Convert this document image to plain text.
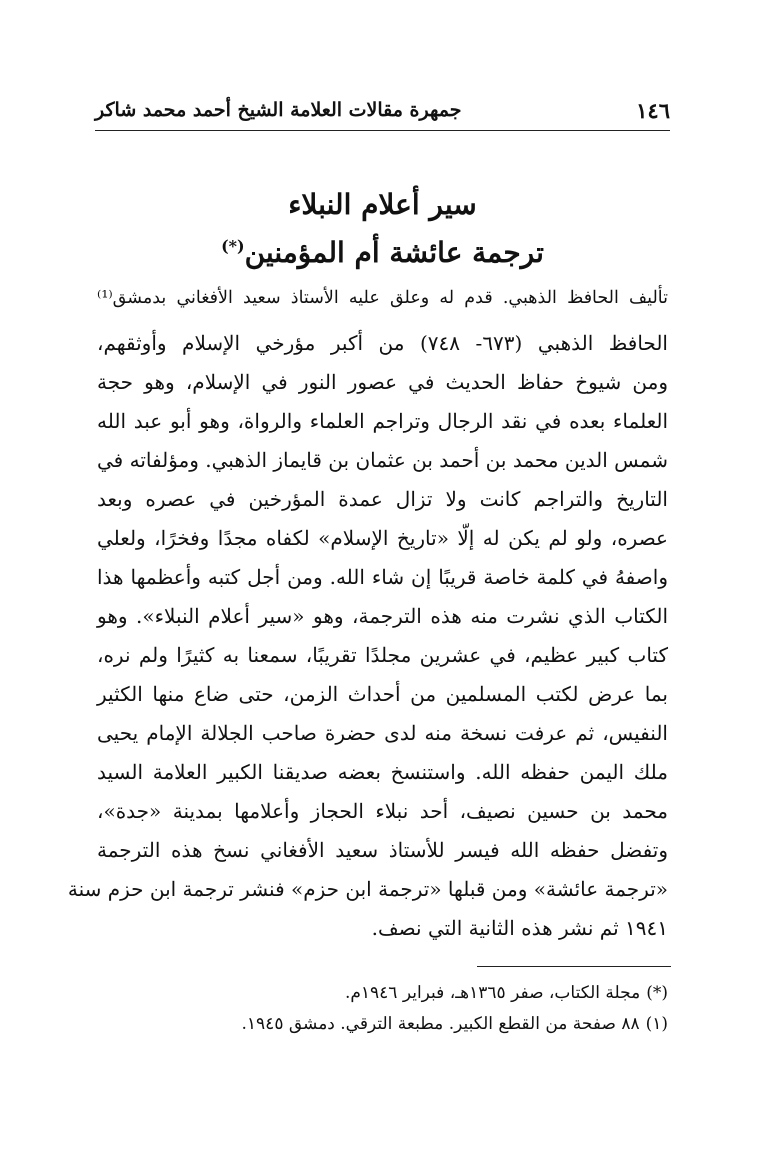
١٤٦
جمهرة مقالات العلامة الشيخ أحمد محمد شاكر
سير أعلام النبلاء
ترجمة عائشة أم المؤمنين(*)
تأليف الحافظ الذهبي. قدم له وعلق عليه الأستاذ سعيد الأفغاني بدمشق⁽¹⁾
الحافظ الذهبي (٦٧٣- ٧٤٨) من أكبر مؤرخي الإسلام وأوثقهم،
ومن شيوخ حفاظ الحديث في عصور النور في الإسلام، وهو حجة
العلماء بعده في نقد الرجال وتراجم العلماء والرواة، وهو أبو عبد الله
شمس الدين محمد بن أحمد بن عثمان بن قايماز الذهبي. ومؤلفاته في
التاريخ والتراجم كانت ولا تزال عمدة المؤرخين في عصره وبعد
عصره، ولو لم يكن له إلّا «تاريخ الإسلام» لكفاه مجدًا وفخرًا، ولعلي
واصفهُ في كلمة خاصة قريبًا إن شاء الله. ومن أجل كتبه وأعظمها هذا
الكتاب الذي نشرت منه هذه الترجمة، وهو «سير أعلام النبلاء». وهو
كتاب كبير عظيم، في عشرين مجلدًا تقريبًا، سمعنا به كثيرًا ولم نره،
بما عرض لكتب المسلمين من أحداث الزمن، حتى ضاع منها الكثير
النفيس، ثم عرفت نسخة منه لدى حضرة صاحب الجلالة الإمام يحيى
ملك اليمن حفظه الله. واستنسخ بعضه صديقنا الكبير العلامة السيد
محمد بن حسين نصيف، أحد نبلاء الحجاز وأعلامها بمدينة «جدة»،
وتفضل حفظه الله فيسر للأستاذ سعيد الأفغاني نسخ هذه الترجمة
«ترجمة عائشة» ومن قبلها «ترجمة ابن حزم» فنشر ترجمة ابن حزم سنة
١٩٤١ ثم نشر هذه الثانية التي نصف.
(*)مجلة الكتاب، صفر ١٣٦٥هـ، فبراير ١٩٤٦م.
(١)٨٨ صفحة من القطع الكبير. مطبعة الترقي. دمشق ١٩٤٥.
